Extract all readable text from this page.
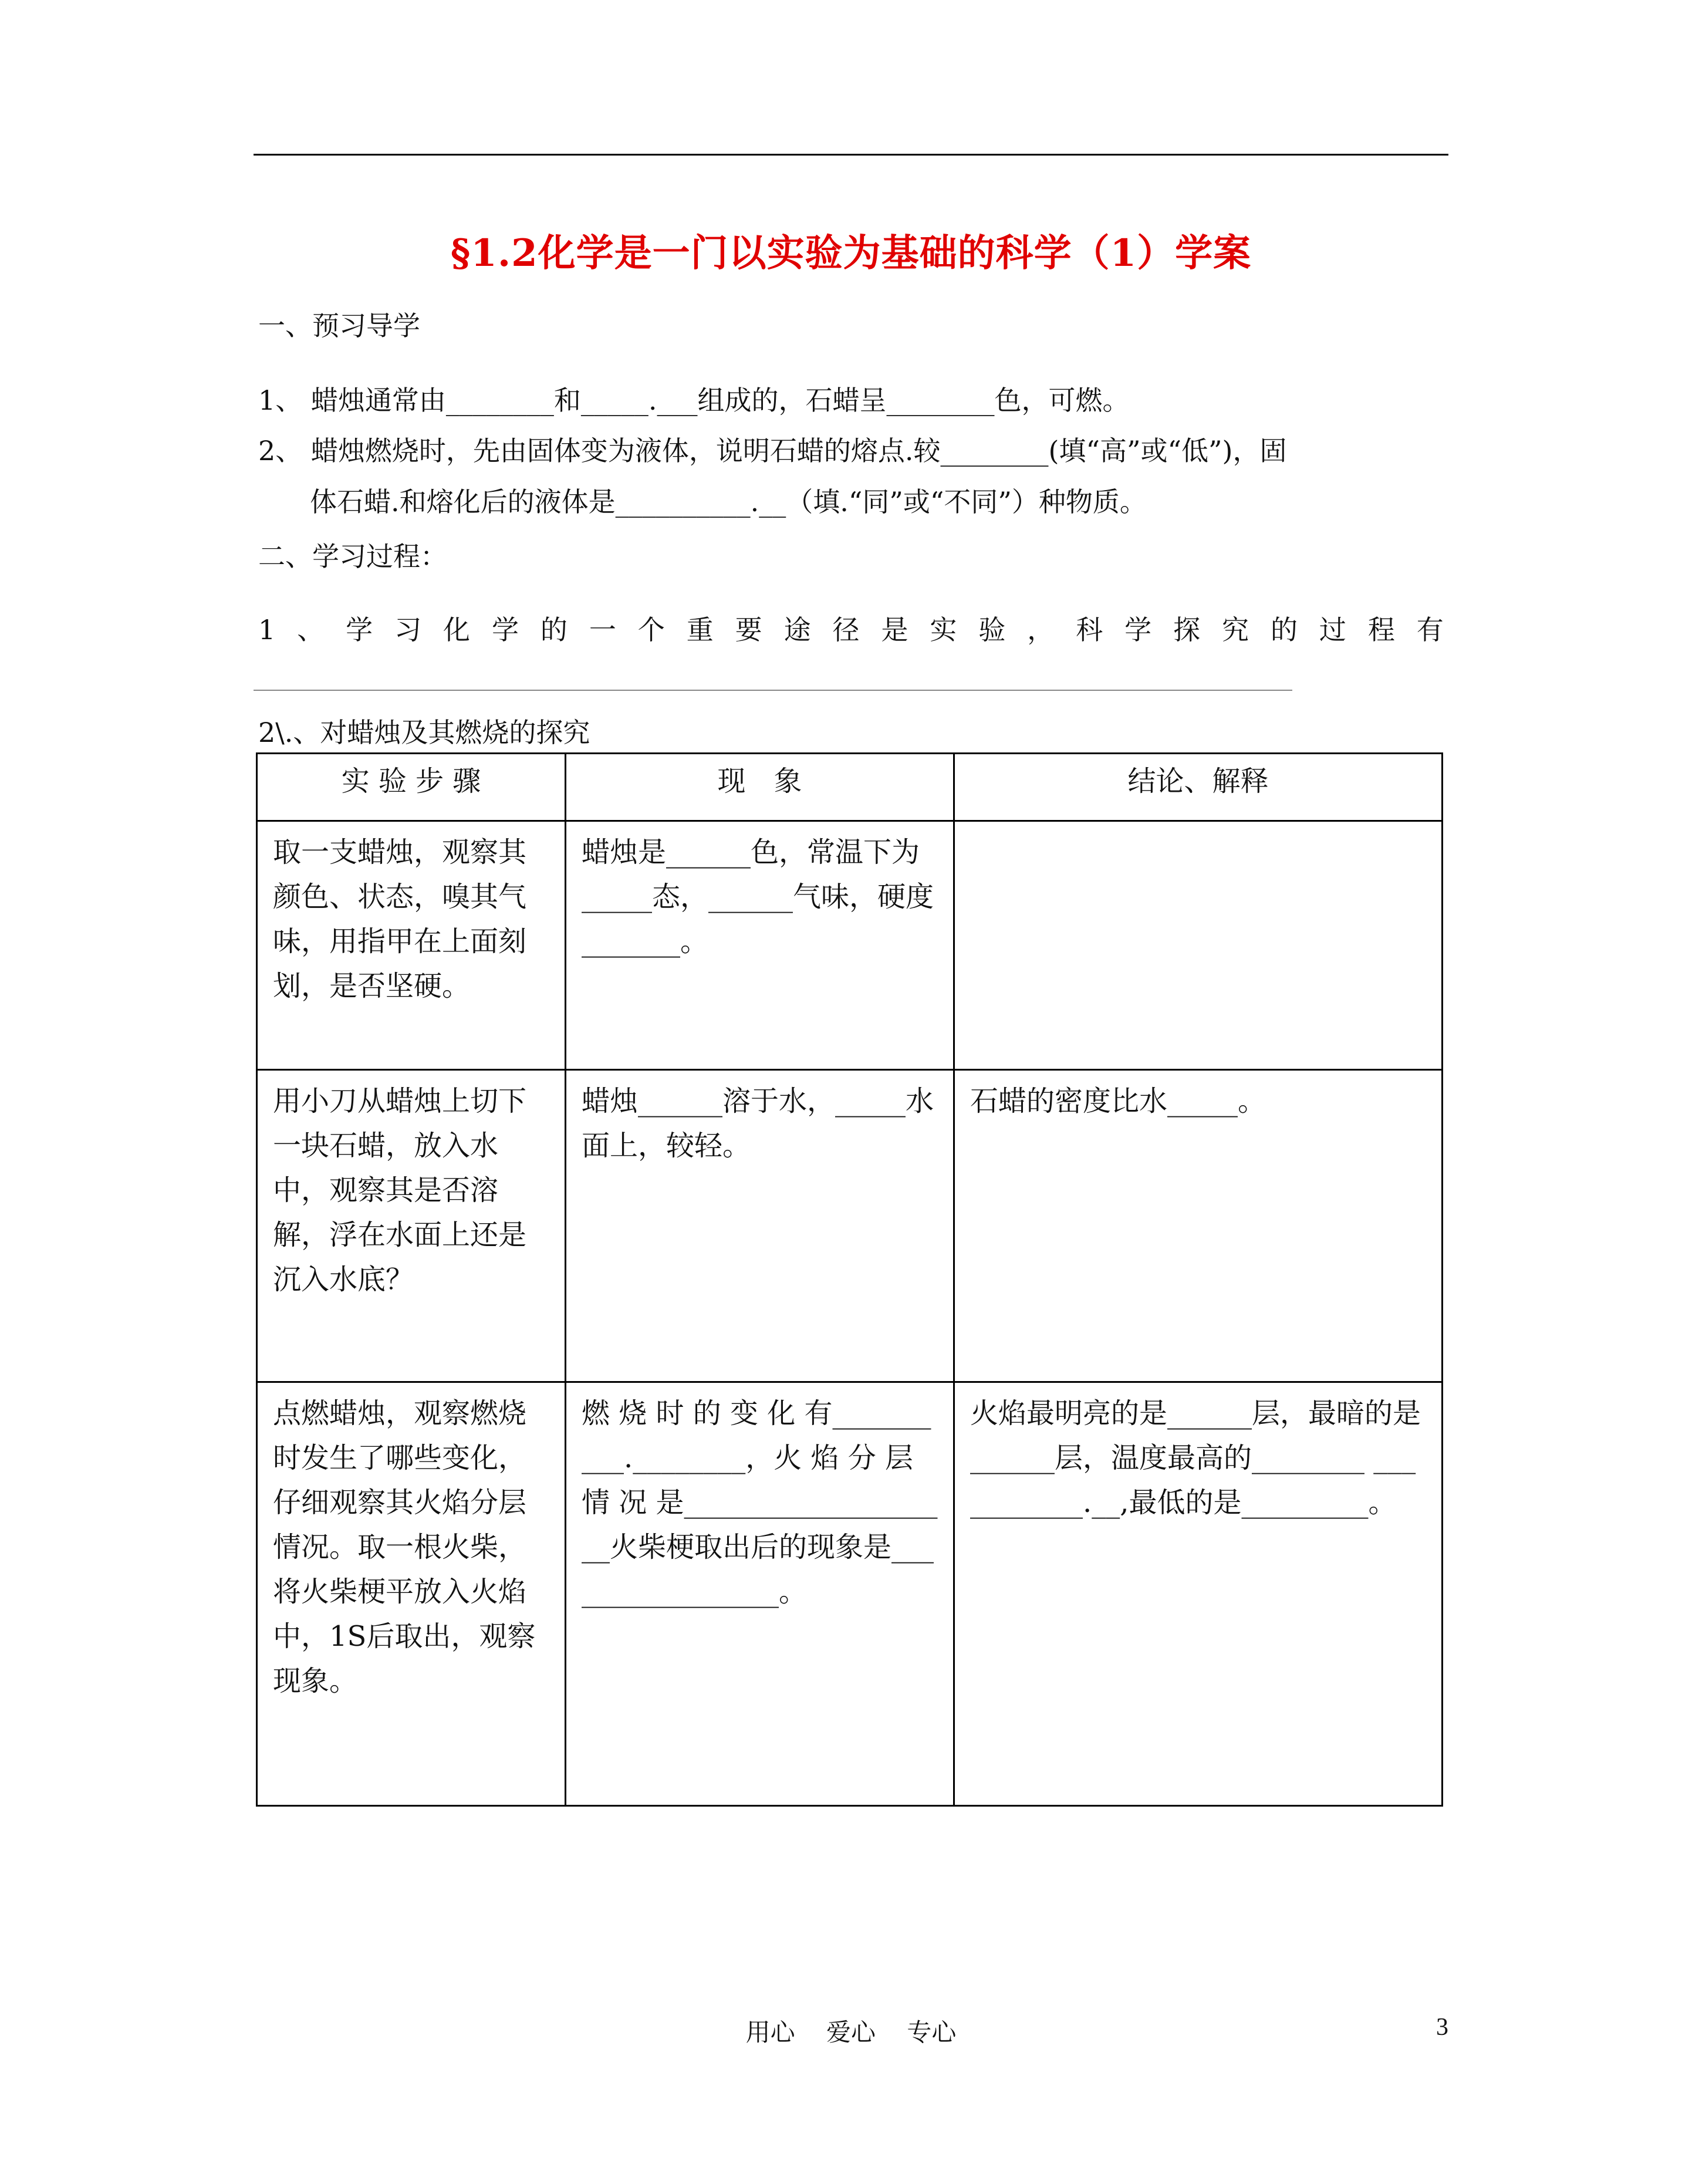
§1.2化学是一门以实验为基础的科学（1）学案
一、预习导学
1、 蜡烛通常由________和_____.___组成的，石蜡呈________色，可燃。
2、 蜡烛燃烧时，先由固体变为液体，说明石蜡的熔点.较________(填“高”或“低”)，固
体石蜡.和熔化后的液体是__________.__（填.“同”或“不同”）种物质。
二、学习过程：
1 、 学 习 化 学 的 一 个 重 要 途 径 是 实 验 ， 科 学 探 究 的 过 程 有
2\.、对蜡烛及其燃烧的探究
实 验 步 骤	现　象	结论、解释
取一支蜡烛，观察其颜色、状态，嗅其气味，用指甲在上面刻划，是否坚硬。	蜡烛是______色，常温下为_____态，______气味，硬度_______。	
用小刀从蜡烛上切下一块石蜡，放入水中，观察其是否溶解，浮在水面上还是沉入水底？	蜡烛______溶于水，_____水面上，较轻。	石蜡的密度比水_____。
点燃蜡烛，观察燃烧时发生了哪些变化，仔细观察其火焰分层情况。取一根火柴，将火柴梗平放入火焰中，1S后取出，观察现象。	燃 烧 时 的 变 化 有__________.________，火 焰 分 层 情 况 是____________________火柴梗取出后的现象是_________________。	火焰最明亮的是______层，最暗的是______层，温度最高的________ ___________.__,最低的是_________。
用心 爱心 专心	3
